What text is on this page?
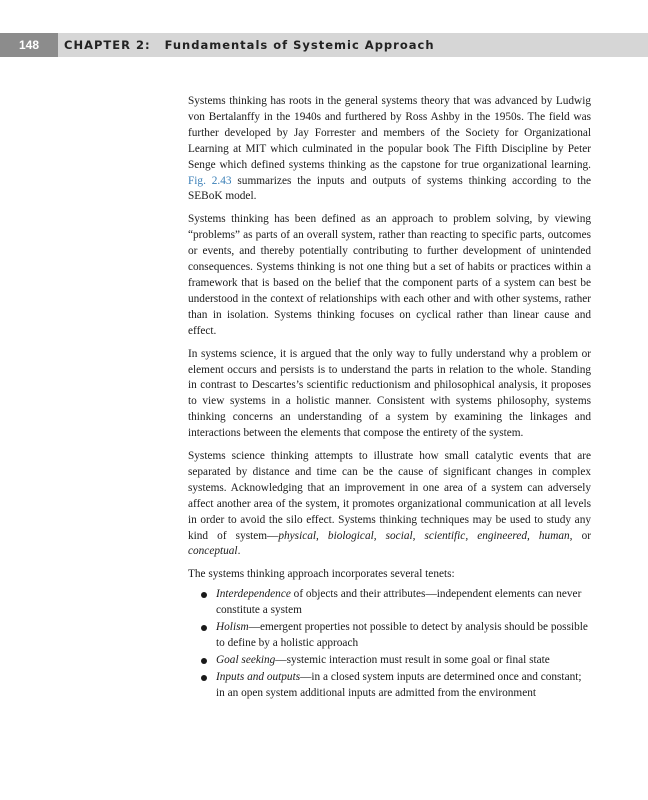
148	CHAPTER 2: Fundamentals of Systemic Approach

Systems thinking has roots in the general systems theory that was advanced by Ludwig von Bertalanffy in the 1940s and furthered by Ross Ashby in the 1950s. The field was further developed by Jay Forrester and members of the Society for Organizational Learning at MIT which culminated in the popular book The Fifth Discipline by Peter Senge which defined systems thinking as the capstone for true organizational learning. Fig. 2.43 summarizes the inputs and outputs of systems thinking according to the SEBoK model.

Systems thinking has been defined as an approach to problem solving, by viewing “problems” as parts of an overall system, rather than reacting to specific parts, outcomes or events, and thereby potentially contributing to further development of unintended consequences. Systems thinking is not one thing but a set of habits or practices within a framework that is based on the belief that the component parts of a system can best be understood in the context of relationships with each other and with other systems, rather than in isolation. Systems thinking focuses on cyclical rather than linear cause and effect.

In systems science, it is argued that the only way to fully understand why a problem or element occurs and persists is to understand the parts in relation to the whole. Standing in contrast to Descartes’s scientific reductionism and philosophical analysis, it proposes to view systems in a holistic manner. Consistent with systems philosophy, systems thinking concerns an understanding of a system by examining the linkages and interactions between the elements that compose the entirety of the system.

Systems science thinking attempts to illustrate how small catalytic events that are separated by distance and time can be the cause of significant changes in complex systems. Acknowledging that an improvement in one area of a system can adversely affect another area of the system, it promotes organizational communication at all levels in order to avoid the silo effect. Systems thinking techniques may be used to study any kind of system—physical, biological, social, scientific, engineered, human, or conceptual.

The systems thinking approach incorporates several tenets:

Interdependence of objects and their attributes—independent elements can never constitute a system
Holism—emergent properties not possible to detect by analysis should be possible to define by a holistic approach
Goal seeking—systemic interaction must result in some goal or final state
Inputs and outputs—in a closed system inputs are determined once and constant; in an open system additional inputs are admitted from the environment
